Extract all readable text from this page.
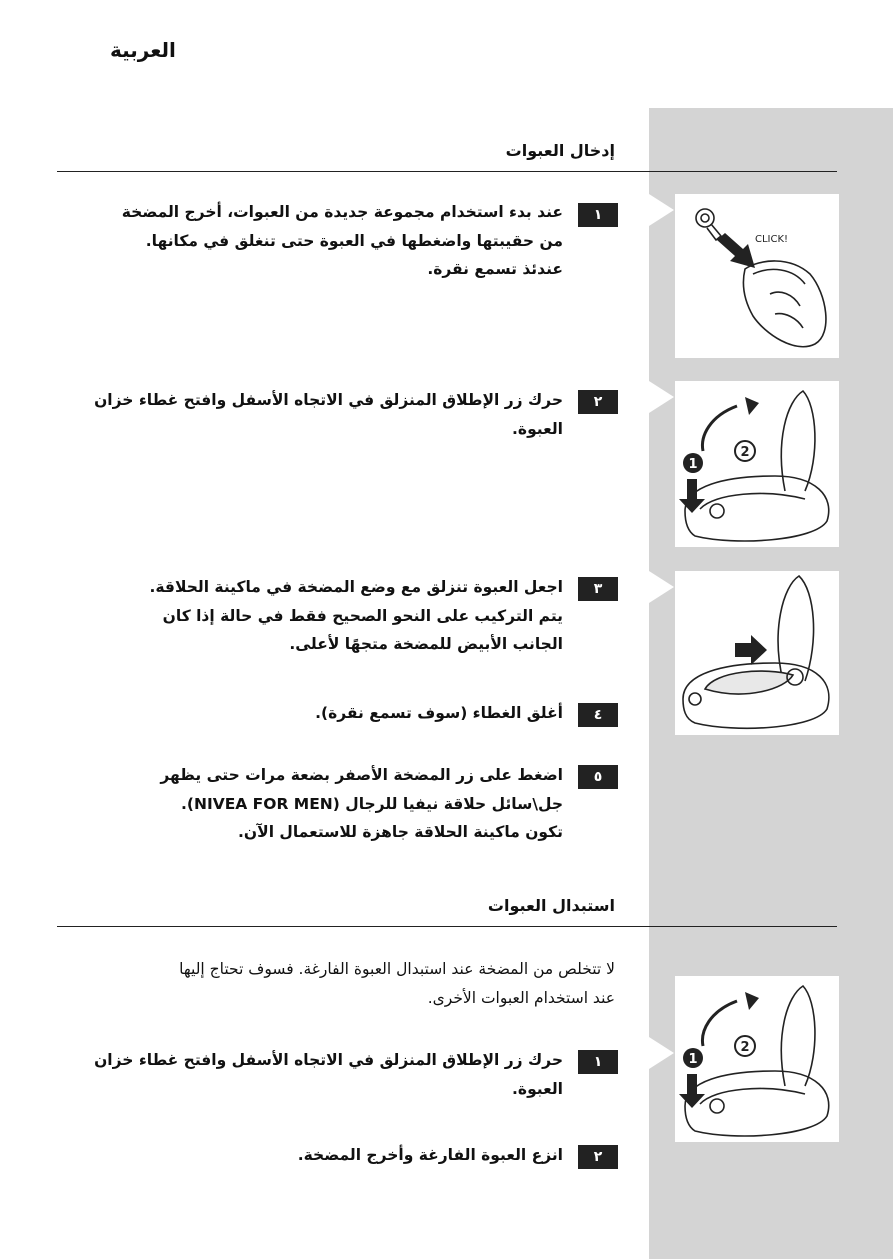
العربية
إدخال العبوات
١
عند بدء استخدام مجموعة جديدة من العبوات، أخرج المضخة
من حقيبتها واضغطها في العبوة حتى تنغلق في مكانها.
عندئذ تسمع نقرة.
٢
حرك زر الإطلاق المنزلق في الاتجاه الأسفل وافتح غطاء خزان
العبوة.
٣
اجعل العبوة تنزلق مع وضع المضخة في ماكينة الحلاقة.
يتم التركيب على النحو الصحيح فقط في حالة إذا كان
الجانب الأبيض للمضخة متجهًا لأعلى.
٤
أغلق الغطاء (سوف تسمع نقرة).
٥
اضغط على زر المضخة الأصفر بضعة مرات حتى يظهر
جل\سائل حلاقة نيفيا للرجال (NIVEA FOR MEN).
تكون ماكينة الحلاقة جاهزة للاستعمال الآن.
استبدال العبوات
لا تتخلص من المضخة عند استبدال العبوة الفارغة. فسوف تحتاج إليها
عند استخدام العبوات الأخرى.
١
حرك زر الإطلاق المنزلق في الاتجاه الأسفل وافتح غطاء خزان
العبوة.
٢
انزع العبوة الفارغة وأخرج المضخة.
CLICK!
1
2
1
2
